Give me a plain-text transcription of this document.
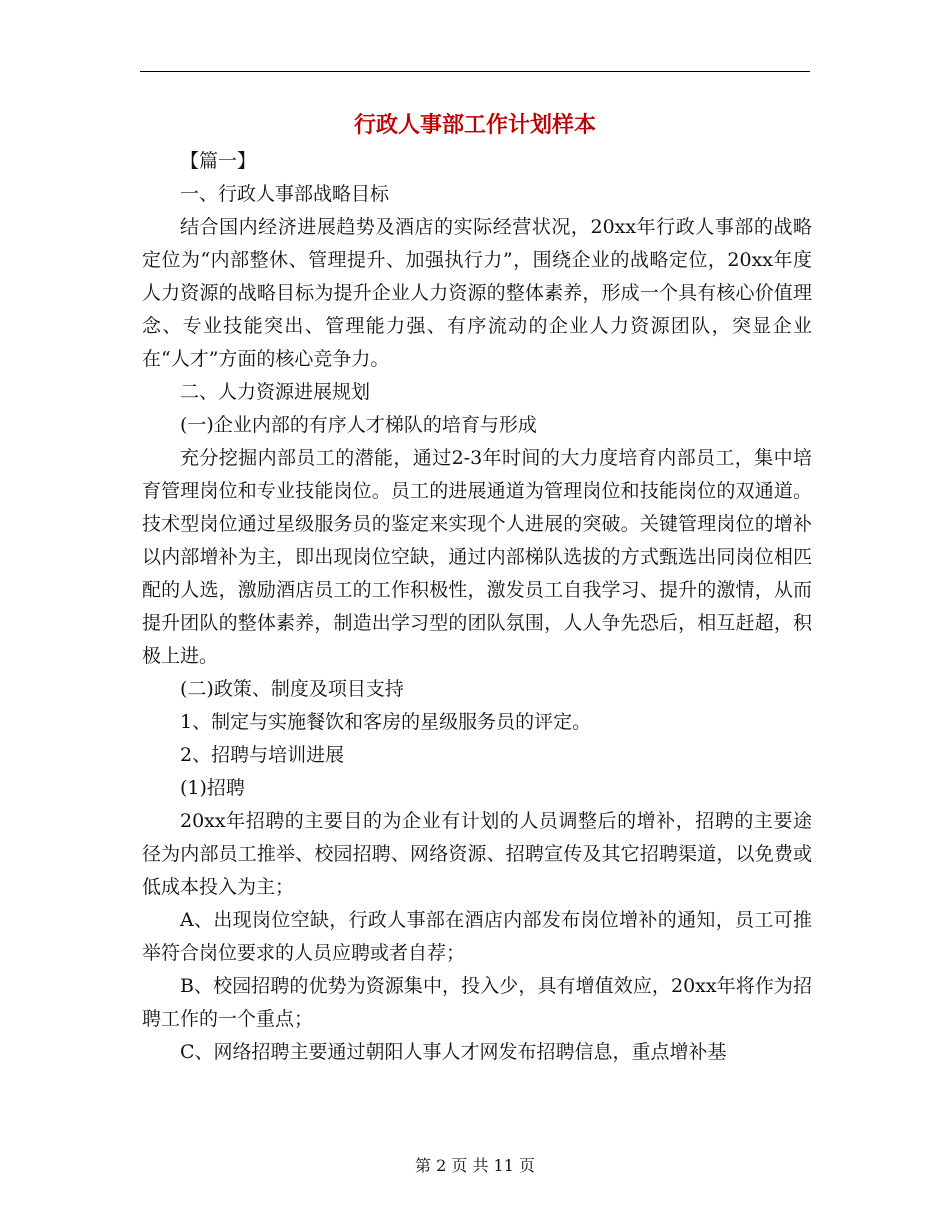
行政人事部工作计划样本

【篇一】

一、行政人事部战略目标

结合国内经济进展趋势及酒店的实际经营状况，20xx年行政人事部的战略定位为“内部整休、管理提升、加强执行力”，围绕企业的战略定位，20xx年度人力资源的战略目标为提升企业人力资源的整体素养，形成一个具有核心价值理念、专业技能突出、管理能力强、有序流动的企业人力资源团队，突显企业在“人才”方面的核心竞争力。

二、人力资源进展规划

(一)企业内部的有序人才梯队的培育与形成

充分挖掘内部员工的潜能，通过2-3年时间的大力度培育内部员工，集中培育管理岗位和专业技能岗位。员工的进展通道为管理岗位和技能岗位的双通道。技术型岗位通过星级服务员的鉴定来实现个人进展的突破。关键管理岗位的增补以内部增补为主，即出现岗位空缺，通过内部梯队选拔的方式甄选出同岗位相匹配的人选，激励酒店员工的工作积极性，激发员工自我学习、提升的激情，从而提升团队的整体素养，制造出学习型的团队氛围，人人争先恐后，相互赶超，积极上进。

(二)政策、制度及项目支持

1、制定与实施餐饮和客房的星级服务员的评定。

2、招聘与培训进展

(1)招聘

20xx年招聘的主要目的为企业有计划的人员调整后的增补，招聘的主要途径为内部员工推举、校园招聘、网络资源、招聘宣传及其它招聘渠道，以免费或低成本投入为主；

A、出现岗位空缺，行政人事部在酒店内部发布岗位增补的通知，员工可推举符合岗位要求的人员应聘或者自荐；

B、校园招聘的优势为资源集中，投入少，具有增值效应，20xx年将作为招聘工作的一个重点；

C、网络招聘主要通过朝阳人事人才网发布招聘信息，重点增补基

第 2 页 共 11 页
